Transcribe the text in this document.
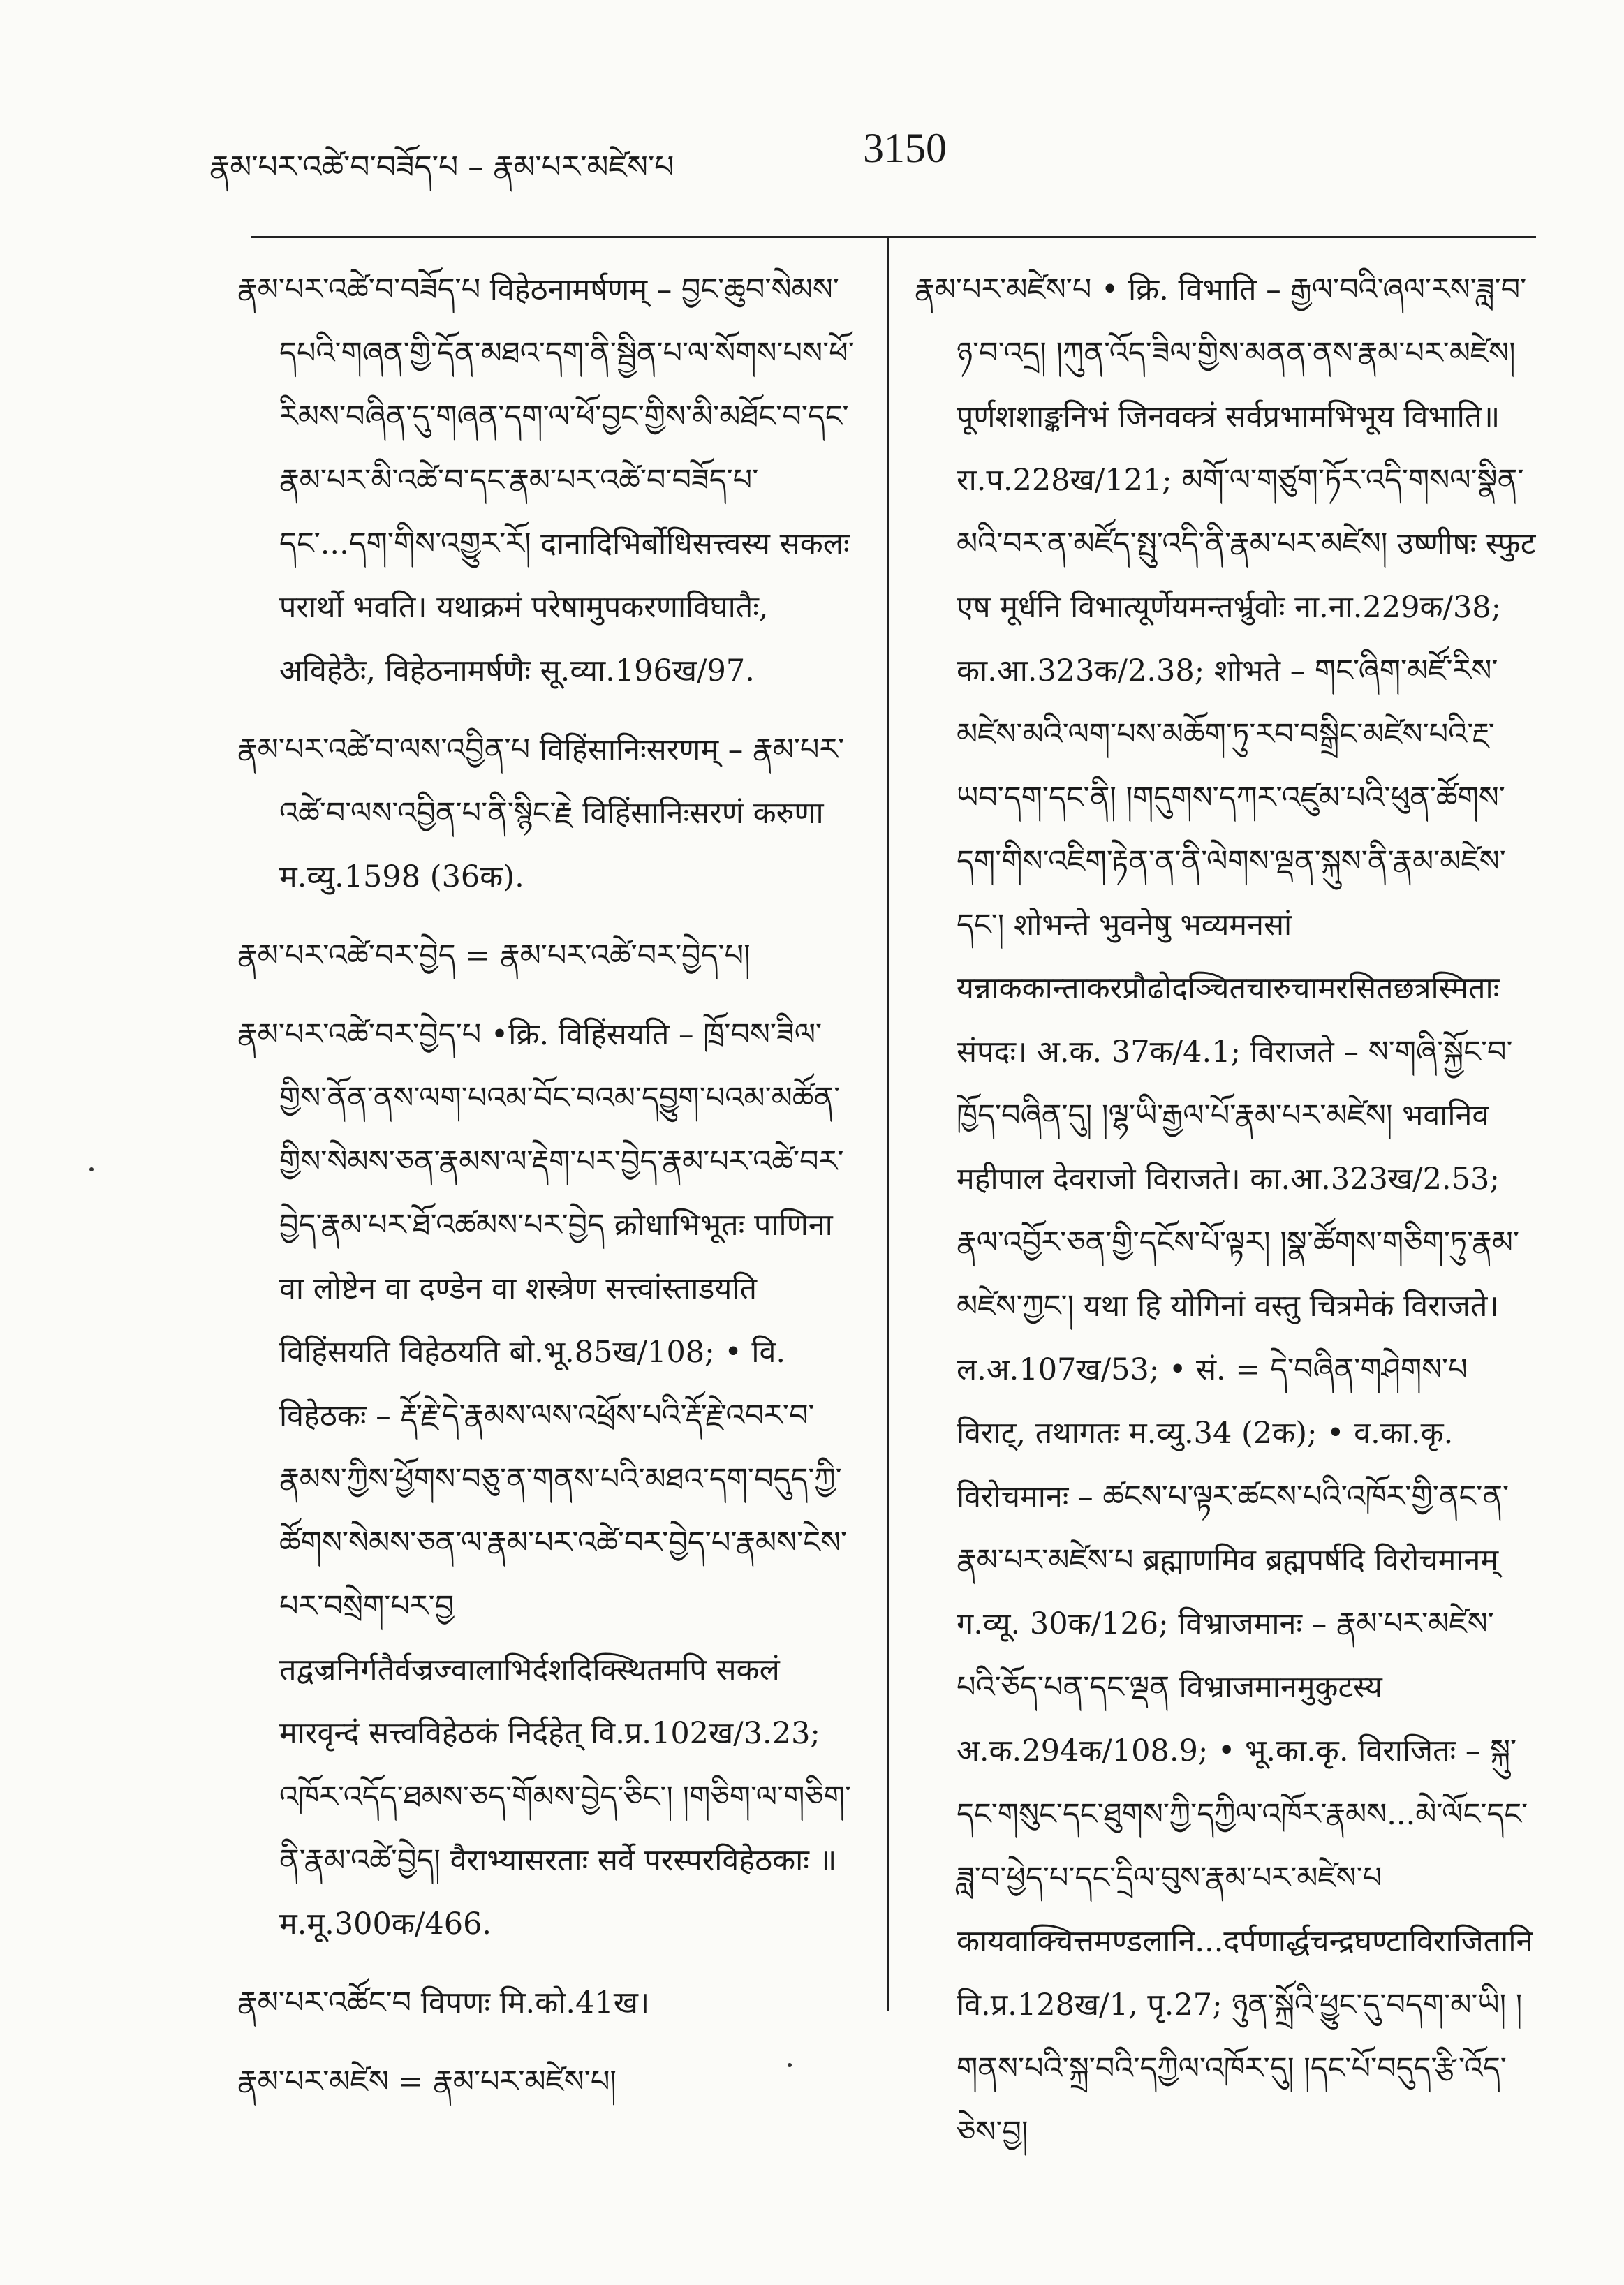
རྣམ་པར་འཚེ་བ་བཟོད་པ – རྣམ་པར་མཛེས་པ	3150

རྣམ་པར་འཚེ་བ་བཟོད་པ विहेठनामर्षणम् – བྱང་ཆུབ་སེམས་དཔའི་གཞན་གྱི་དོན་མཐའ་དག་ནི་སྦྱིན་པ་ལ་སོགས་པས་ཕོ་རིམས་བཞིན་དུ་གཞན་དག་ལ་ཕོ་བྱང་གྱིས་མི་མཐོང་བ་དང་རྣམ་པར་མི་འཚེ་བ་དང་རྣམ་པར་འཚེ་བ་བཟོད་པ་དང་...དག་གིས་འགྱུར་རོ། दानादिभिर्बोधिसत्त्वस्य सकलः परार्थो भवति। यथाक्रमं परेषामुपकरणाविघातैः, अविहेठैः, विहेठनामर्षणैः सू.व्या.196ख/97.

རྣམ་པར་འཚེ་བ་ལས་འབྱིན་པ विहिंसानिःसरणम् – རྣམ་པར་འཚེ་བ་ལས་འབྱིན་པ་ནི་སྙིང་རྗེ विहिंसानिःसरणं करुणा म.व्यु.1598 (36क).

རྣམ་པར་འཚེ་བར་བྱེད = རྣམ་པར་འཚེ་བར་བྱེད་པ།

རྣམ་པར་འཚེ་བར་བྱེད་པ •क्रि. विहिंसयति – ཁྲོ་བས་ཟིལ་གྱིས་ནོན་ནས་ལག་པའམ་བོང་བའམ་དབྱུག་པའམ་མཚོན་གྱིས་སེམས་ཅན་རྣམས་ལ་རྡེག་པར་བྱེད་རྣམ་པར་འཚེ་བར་བྱེད་རྣམ་པར་ཐོ་འཚམས་པར་བྱེད क्रोधाभिभूतः पाणिना वा लोष्टेन वा दण्डेन वा शस्त्रेण सत्त्वांस्ताडयति विहिंसयति विहेठयति बो.भू.85ख/108; • वि. विहेठकः – རྡོ་རྗེ་དེ་རྣམས་ལས་འཕྲོས་པའི་རྡོ་རྗེ་འབར་བ་རྣམས་ཀྱིས་ཕྱོགས་བཅུ་ན་གནས་པའི་མཐའ་དག་བདུད་ཀྱི་ཚོགས་སེམས་ཅན་ལ་རྣམ་པར་འཚེ་བར་བྱེད་པ་རྣམས་ངེས་པར་བསྲེག་པར་བྱ तद्वज्रनिर्गतैर्वज्रज्वालाभिर्दशदिक्स्थितमपि सकलं मारवृन्दं सत्त्वविहेठकं निर्दहेत् वि.प्र.102ख/3.23; འཁོར་འདོད་ཐམས་ཅད་གོམས་བྱེད་ཅིང་། །གཅིག་ལ་གཅིག་ནི་རྣམ་འཚེ་བྱེད། वैराभ्यासरताः सर्वे परस्परविहेठकाः ॥ म.मू.300क/466.

རྣམ་པར་འཚོང་བ विपणः मि.को.41ख।

རྣམ་པར་མཛེས = རྣམ་པར་མཛེས་པ།

རྣམ་པར་མཛེས་པ • क्रि. विभाति – རྒྱལ་བའི་ཞལ་རས་ཟླ་བ་ཉ་བ་འདྲ། །ཀུན་འོད་ཟིལ་གྱིས་མནན་ནས་རྣམ་པར་མཛེས། पूर्णशशाङ्कनिभं जिनवक्त्रं सर्वप्रभामभिभूय विभाति॥ रा.प.228ख/121; མགོ་ལ་གཙུག་ཏོར་འདི་གསལ་སྣིན་མའི་བར་ན་མཛོད་སྤུ་འདི་ནི་རྣམ་པར་མཛེས། उष्णीषः स्फुट एष मूर्धनि विभात्यूर्णेयमन्तर्भ्रुवोः ना.ना.229क/38; का.आ.323क/2.38; शोभते – གང་ཞིག་མཛོ་རིས་མཛེས་མའི་ལག་པས་མཆོག་ཏུ་རབ་བསྒྲིང་མཛེས་པའི་རྔ་ཡབ་དག་དང་ནི། །གདུགས་དཀར་འཛུམ་པའི་ཕུན་ཚོགས་དག་གིས་འཇིག་རྟེན་ན་ནི་ལེགས་ལྡན་སྐུས་ནི་རྣམ་མཛེས་དང་། शोभन्ते भुवनेषु भव्यमनसां यन्नाककान्ताकरप्रौढोदञ्चितचारुचामरसितछत्रस्मिताः संपदः। अ.क. 37क/4.1; विराजते – ས་གཞི་སྐྱོང་བ་ཁྱོད་བཞིན་དུ། །ལྷ་ཡི་རྒྱལ་པོ་རྣམ་པར་མཛེས། भवानिव महीपाल देवराजो विराजते। का.आ.323ख/2.53; རྣལ་འབྱོར་ཅན་གྱི་དངོས་པོ་ལྟར། །སྣ་ཚོགས་གཅིག་ཏུ་རྣམ་མཛེས་ཀྱང་། यथा हि योगिनां वस्तु चित्रमेकं विराजते। ल.अ.107ख/53; • सं. = དེ་བཞིན་གཤེགས་པ विराट्, तथागतः म.व्यु.34 (2क); • व.का.कृ. विरोचमानः – ཚངས་པ་ལྟར་ཚངས་པའི་འཁོར་གྱི་ནང་ན་རྣམ་པར་མཛེས་པ ब्रह्माणमिव ब्रह्मपर्षदि विरोचमानम् ग.व्यू. 30क/126; विभ्राजमानः – རྣམ་པར་མཛེས་པའི་ཅོད་པན་དང་ལྡན विभ्राजमानमुकुटस्य अ.क.294क/108.9; • भू.का.कृ. विराजितः – སྐུ་དང་གསུང་དང་ཐུགས་ཀྱི་དཀྱིལ་འཁོར་རྣམས...མེ་ལོང་དང་ཟླ་བ་ཕྱེད་པ་དང་དྲིལ་བུས་རྣམ་པར་མཛེས་པ कायवाक्चित्तमण्डलानि...दर्पणार्द्धचन्द्रघण्टाविराजितानि वि.प्र.128ख/1, पृ.27; ཉུན་སྐྲོའི་ཕྱུང་དུ་བདག་མ་ཡི། །གནས་པའི་སྐྲ་བའི་དཀྱིལ་འཁོར་དུ། །དང་པོ་བདུད་རྩི་འོད་ཅེས་བྱ།
